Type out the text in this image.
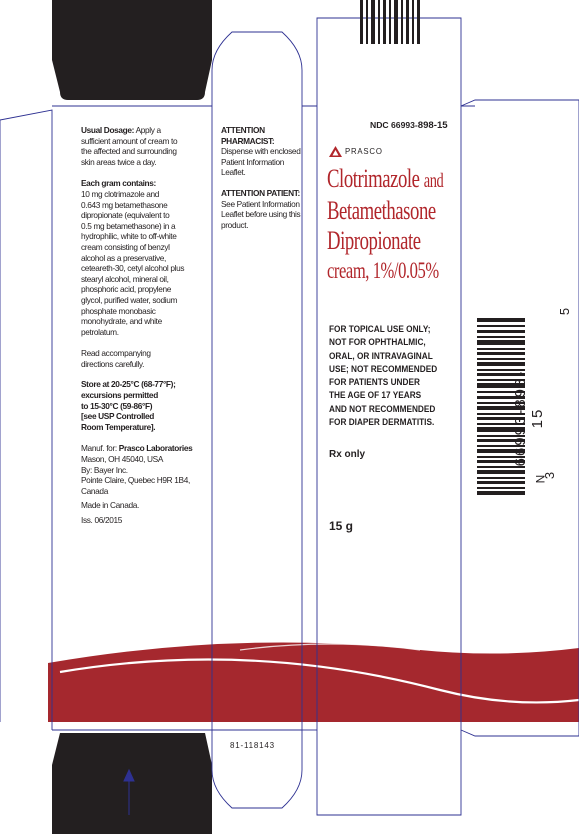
Usual Dosage: Apply a

sufficient amount of cream to

the affected and surrounding

skin areas twice a day.

Each gram contains:

10 mg clotrimazole and

0.643 mg betamethasone

dipropionate (equivalent to

0.5 mg betamethasone) in a

hydrophilic, white to off-white

cream consisting of benzyl

alcohol as a preservative,

ceteareth-30, cetyl alcohol plus

stearyl alcohol, mineral oil,

phosphoric acid, propylene

glycol, purified water, sodium

phosphate monobasic

monohydrate, and white

petrolatum.

Read accompanying

directions carefully.

Store at 20-25°C (68-77°F);

excursions permitted

to 15-30°C (59-86°F)

[see USP Controlled

Room Temperature].

Manuf. for: Prasco Laboratories

Mason, OH 45040, USA

By: Bayer Inc.

Pointe Claire, Quebec H9R 1B4,

Canada

Made in Canada.

Iss. 06/2015

ATTENTION

PHARMACIST:

Dispense with enclosed

Patient Information

Leaflet.

ATTENTION PATIENT:

See Patient Information

Leaflet before using this

product.

81-118143
NDC 66993-898-15
PRASCO
Clotrimazole and
Betamethasone
Dipropionate
cream, 1%/0.05%

FOR TOPICAL USE ONLY;

NOT FOR OPHTHALMIC,

ORAL, OR INTRAVAGINAL

USE; NOT RECOMMENDED

FOR PATIENTS UNDER

THE AGE OF 17 YEARS

AND NOT RECOMMENDED

FOR DIAPER DERMATITIS.

Rx only
15 g
66993-898-15
3
N
5
